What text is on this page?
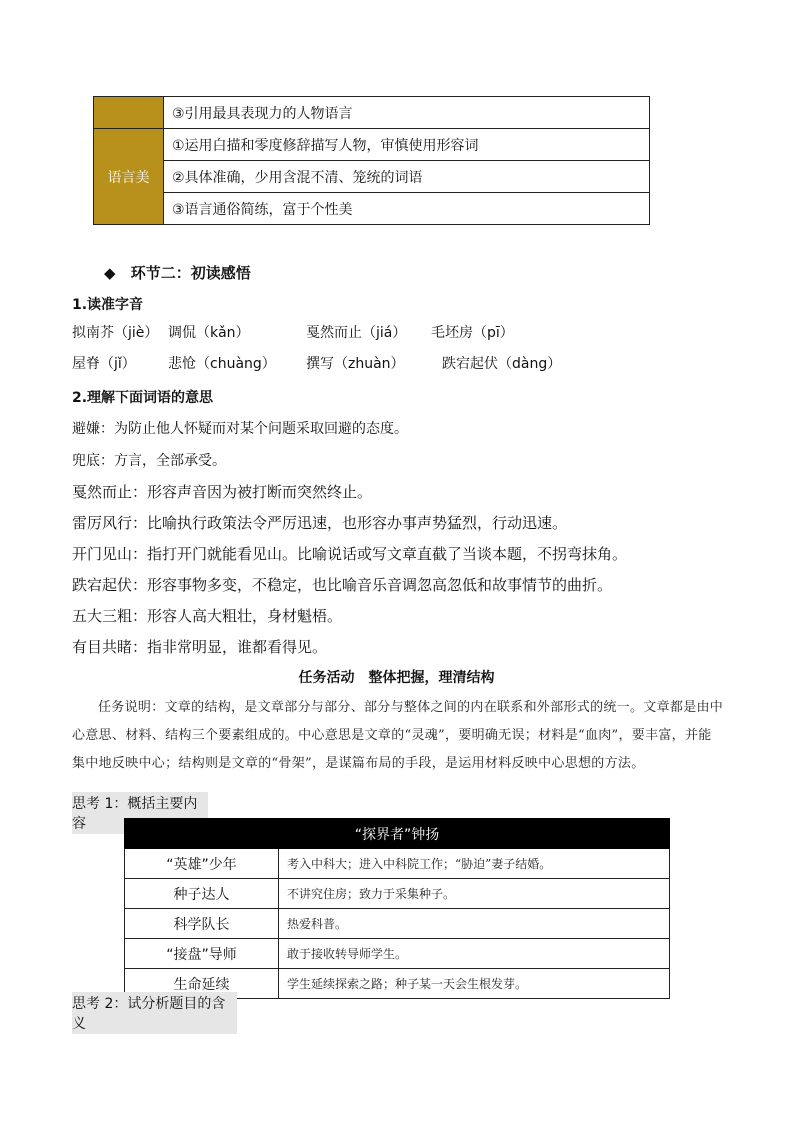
	③引用最具表现力的人物语言
语言美	①运用白描和零度修辞描写人物，审慎使用形容词
	②具体准确，少用含混不清、笼统的词语
	③语言通俗简练，富于个性美
◆ 环节二：初读感悟
1.读准字音
拟南芥（jiè） 调侃（kǎn）	戛然而止（jiá） 毛坯房（pī）
屋脊（jǐ） 悲怆（chuàng） 撰写（zhuàn）	跌宕起伏（dàng）
2.理解下面词语的意思
避嫌：为防止他人怀疑而对某个问题采取回避的态度。
兜底：方言，全部承受。
戛然而止：形容声音因为被打断而突然终止。
雷厉风行：比喻执行政策法令严厉迅速，也形容办事声势猛烈，行动迅速。
开门见山：指打开门就能看见山。比喻说话或写文章直截了当谈本题，不拐弯抹角。
跌宕起伏：形容事物多变，不稳定，也比喻音乐音调忽高忽低和故事情节的曲折。
五大三粗：形容人高大粗壮，身材魁梧。
有目共睹：指非常明显，谁都看得见。
任务活动　整体把握，理清结构
任务说明：文章的结构，是文章部分与部分、部分与整体之间的内在联系和外部形式的统一。文章都是由中心意思、材料、结构三个要素组成的。中心意思是文章的“灵魂”，要明确无误；材料是“血肉”，要丰富，并能集中地反映中心；结构则是文章的“骨架”，是谋篇布局的手段，是运用材料反映中心思想的方法。
思考 1：概括主要内容
“探界者”钟扬	
“英雄”少年	考入中科大；进入中科院工作；“胁迫”妻子结婚。
种子达人	不讲究住房；致力于采集种子。
科学队长	热爱科普。
“接盘”导师	敢于接收转导师学生。
生命延续	学生延续探索之路；种子某一天会生根发芽。
思考 2：试分析题目的含义
